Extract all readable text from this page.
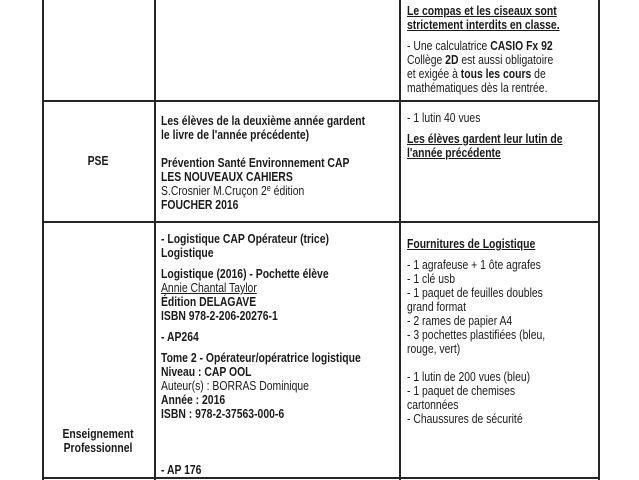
Le compas et les ciseaux sont
strictement interdits en classe.
- Une calculatrice CASIO Fx 92
Collège 2D est aussi obligatoire
et exigée à tous les cours de
mathématiques dès la rentrée.
PSE
Les élèves de la deuxième année gardent
le livre de l'année précédente)

Prévention Santé Environnement CAP
LES NOUVEAUX CAHIERS
S.Crosnier M.Cruçon 2e édition
FOUCHER 2016
- 1 lutin 40 vues
Les élèves gardent leur lutin de
l'année précédente
Enseignement
Professionnel
- Logistique CAP Opérateur (trice)
Logistique
Logistique (2016) - Pochette élève
Annie Chantal Taylor
Édition DELAGAVE
ISBN 978-2-206-20276-1
- AP264
Tome 2 - Opérateur/opératrice logistique
Niveau : CAP OOL
Auteur(s) : BORRAS Dominique
Année : 2016
ISBN : 978-2-37563-000-6

- AP 176
Fournitures de Logistique
- 1 agrafeuse + 1 ôte agrafes
- 1 clé usb
- 1 paquet de feuilles doubles
grand format
- 2 rames de papier A4
- 3 pochettes plastifiées (bleu,
rouge, vert)

- 1 lutin de 200 vues (bleu)
- 1 paquet de chemises
cartonnées
- Chaussures de sécurité
